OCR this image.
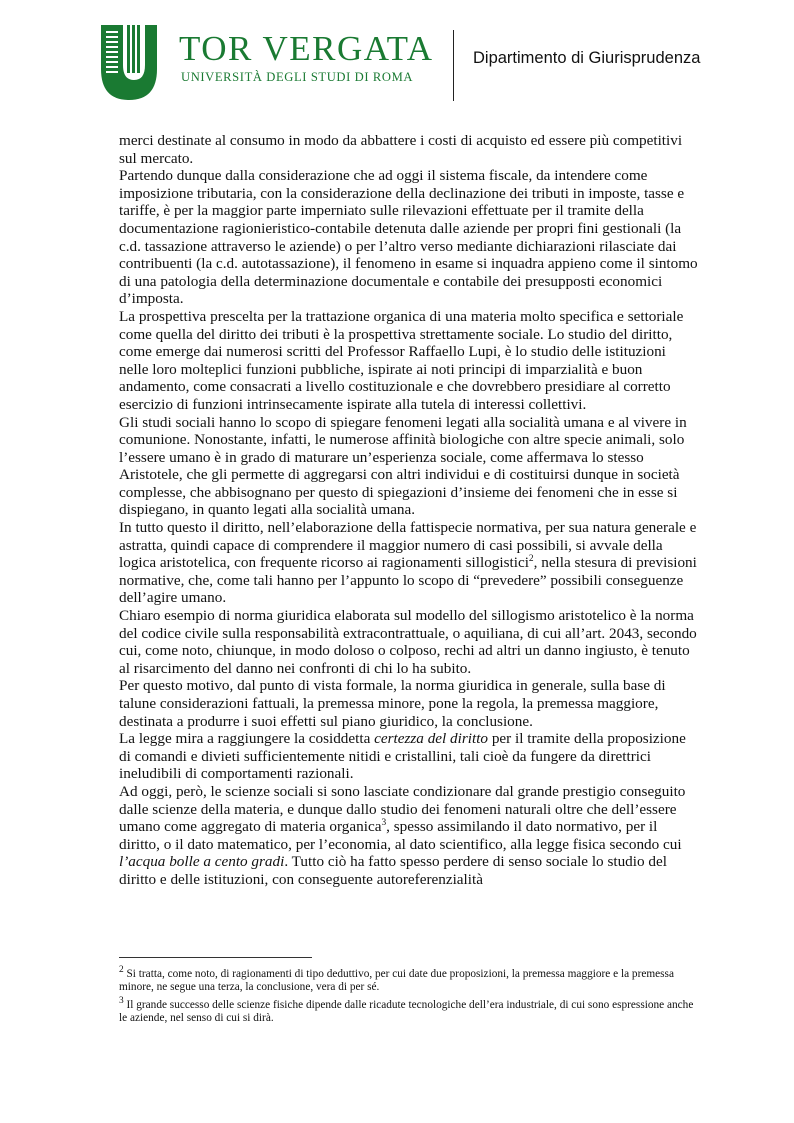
TOR VERGATA
UNIVERSITÀ DEGLI STUDI DI ROMA
Dipartimento di Giurisprudenza

merci destinate al consumo in modo da abbattere i costi di acquisto ed essere più competitivi sul mercato.

Partendo dunque dalla considerazione che ad oggi il sistema fiscale, da intendere come imposizione tributaria, con la considerazione della declinazione dei tributi in imposte, tasse e tariffe, è per la maggior parte imperniato sulle rilevazioni effettuate per il tramite della documentazione ragionieristico-contabile detenuta dalle aziende per propri fini gestionali (la c.d. tassazione attraverso le aziende) o per l’altro verso mediante dichiarazioni rilasciate dai contribuenti (la c.d. autotassazione), il fenomeno in esame si inquadra appieno come il sintomo di una patologia della determinazione documentale e contabile dei presupposti economici d’imposta.

La prospettiva prescelta per la trattazione organica di una materia molto specifica e settoriale come quella del diritto dei tributi è la prospettiva strettamente sociale. Lo studio del diritto, come emerge dai numerosi scritti del Professor Raffaello Lupi, è lo studio delle istituzioni nelle loro molteplici funzioni pubbliche, ispirate ai noti principi di imparzialità e buon andamento, come consacrati a livello costituzionale e che dovrebbero presidiare al corretto esercizio di funzioni intrinsecamente ispirate alla tutela di interessi collettivi.

Gli studi sociali hanno lo scopo di spiegare fenomeni legati alla socialità umana e al vivere in comunione. Nonostante, infatti, le numerose affinità biologiche con altre specie animali, solo l’essere umano è in grado di maturare un’esperienza sociale, come affermava lo stesso Aristotele, che gli permette di aggregarsi con altri individui e di costituirsi dunque in società complesse, che abbisognano per questo di spiegazioni d’insieme dei fenomeni che in esse si dispiegano, in quanto legati alla socialità umana.

In tutto questo il diritto, nell’elaborazione della fattispecie normativa, per sua natura generale e astratta, quindi capace di comprendere il maggior numero di casi possibili, si avvale della logica aristotelica, con frequente ricorso ai ragionamenti sillogistici$^2$, nella stesura di previsioni normative, che, come tali hanno per l’appunto lo scopo di “prevedere” possibili conseguenze dell’agire umano.

Chiaro esempio di norma giuridica elaborata sul modello del sillogismo aristotelico è la norma del codice civile sulla responsabilità extracontrattuale, o aquiliana, di cui all’art. 2043, secondo cui, come noto, chiunque, in modo doloso o colposo, rechi ad altri un danno ingiusto, è tenuto al risarcimento del danno nei confronti di chi lo ha subito.

Per questo motivo, dal punto di vista formale, la norma giuridica in generale, sulla base di talune considerazioni fattuali, la premessa minore, pone la regola, la premessa maggiore, destinata a produrre i suoi effetti sul piano giuridico, la conclusione.

La legge mira a raggiungere la cosiddetta certezza del diritto per il tramite della proposizione di comandi e divieti sufficientemente nitidi e cristallini, tali cioè da fungere da direttrici ineludibili di comportamenti razionali.

Ad oggi, però, le scienze sociali si sono lasciate condizionare dal grande prestigio conseguito dalle scienze della materia, e dunque dallo studio dei fenomeni naturali oltre che dell’essere umano come aggregato di materia organica$^3$, spesso assimilando il dato normativo, per il diritto, o il dato matematico, per l’economia, al dato scientifico, alla legge fisica secondo cui l’acqua bolle a cento gradi. Tutto ciò ha fatto spesso perdere di senso sociale lo studio del diritto e delle istituzioni, con conseguente autoreferenzialità

$^2$ Si tratta, come noto, di ragionamenti di tipo deduttivo, per cui date due proposizioni, la premessa maggiore e la premessa minore, ne segue una terza, la conclusione, vera di per sé.

$^3$ Il grande successo delle scienze fisiche dipende dalle ricadute tecnologiche dell’era industriale, di cui sono espressione anche le aziende, nel senso di cui si dirà.
